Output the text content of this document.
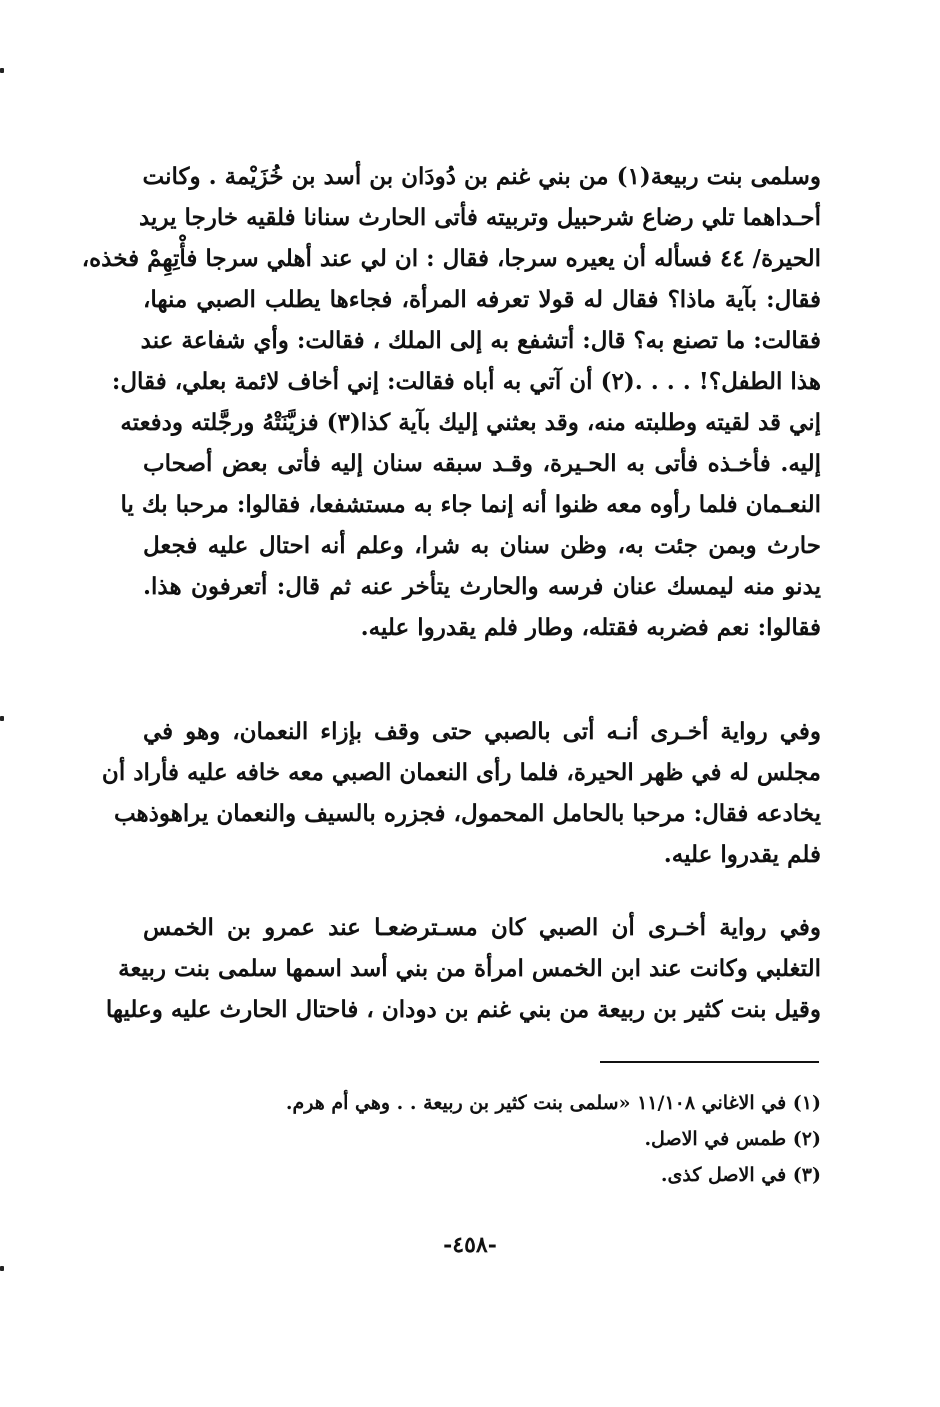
وسلمى بنت ربيعة(١) من بني غنم بن دُودَان بن أسد بن خُزَيْمة . وكانت
أحـداهما تلي رضاع شرحبيل وتربيته فأتى الحارث سنانا فلقيه خارجا يريد
الحيرة/ ٤٤ فسأله أن يعيره سرجا، فقال : ان لي عند أهلي سرجا فأْتِهِمْ فخذه،
فقال: بآية ماذا؟ فقال له قولا تعرفه المرأة، فجاءها يطلب الصبي منها،
فقالت: ما تصنع به؟ قال: أتشفع به إلى الملك ، فقالت: وأي شفاعة عند
هذا الطفل؟! . . . .(٢) أن آتي به أباه فقالت: إني أخاف لائمة بعلي، فقال:
إني قد لقيته وطلبته منه، وقد بعثني إليك بآية كذا(٣) فزيَّنَتْهُ ورجَّلته ودفعته
إليه. فأخـذه فأتى به الحـيرة، وقـد سبقه سنان إليه فأتى بعض أصحاب
النعـمان فلما رأوه معه ظنوا أنه إنما جاء به مستشفعا، فقالوا: مرحبا بك يا
حارث وبمن جئت به، وظن سنان به شرا، وعلم أنه احتال عليه فجعل
يدنو منه ليمسك عنان فرسه والحارث يتأخر عنه ثم قال: أتعرفون هذا.
فقالوا: نعم فضربه فقتله، وطار فلم يقدروا عليه.
وفي رواية أخـرى أنـه أتى بالصبي حتى وقف بإزاء النعمان، وهو في
مجلس له في ظهر الحيرة، فلما رأى النعمان الصبي معه خافه عليه فأراد أن
يخادعه فقال: مرحبا بالحامل المحمول، فجزره بالسيف والنعمان يراهوذهب
فلم يقدروا عليه.
وفي رواية أخـرى أن الصبي كان مسـترضعـا عند عمرو بن الخمس
التغلبي وكانت عند ابن الخمس امرأة من بني أسد اسمها سلمى بنت ربيعة
وقيل بنت كثير بن ربيعة من بني غنم بن دودان ، فاحتال الحارث عليه وعليها
(١) في الاغاني ١١/١٠٨ «سلمى بنت كثير بن ربيعة . . وهي أم هرم.
(٢) طمس في الاصل.
(٣) في الاصل كذى.
-٤٥٨-
